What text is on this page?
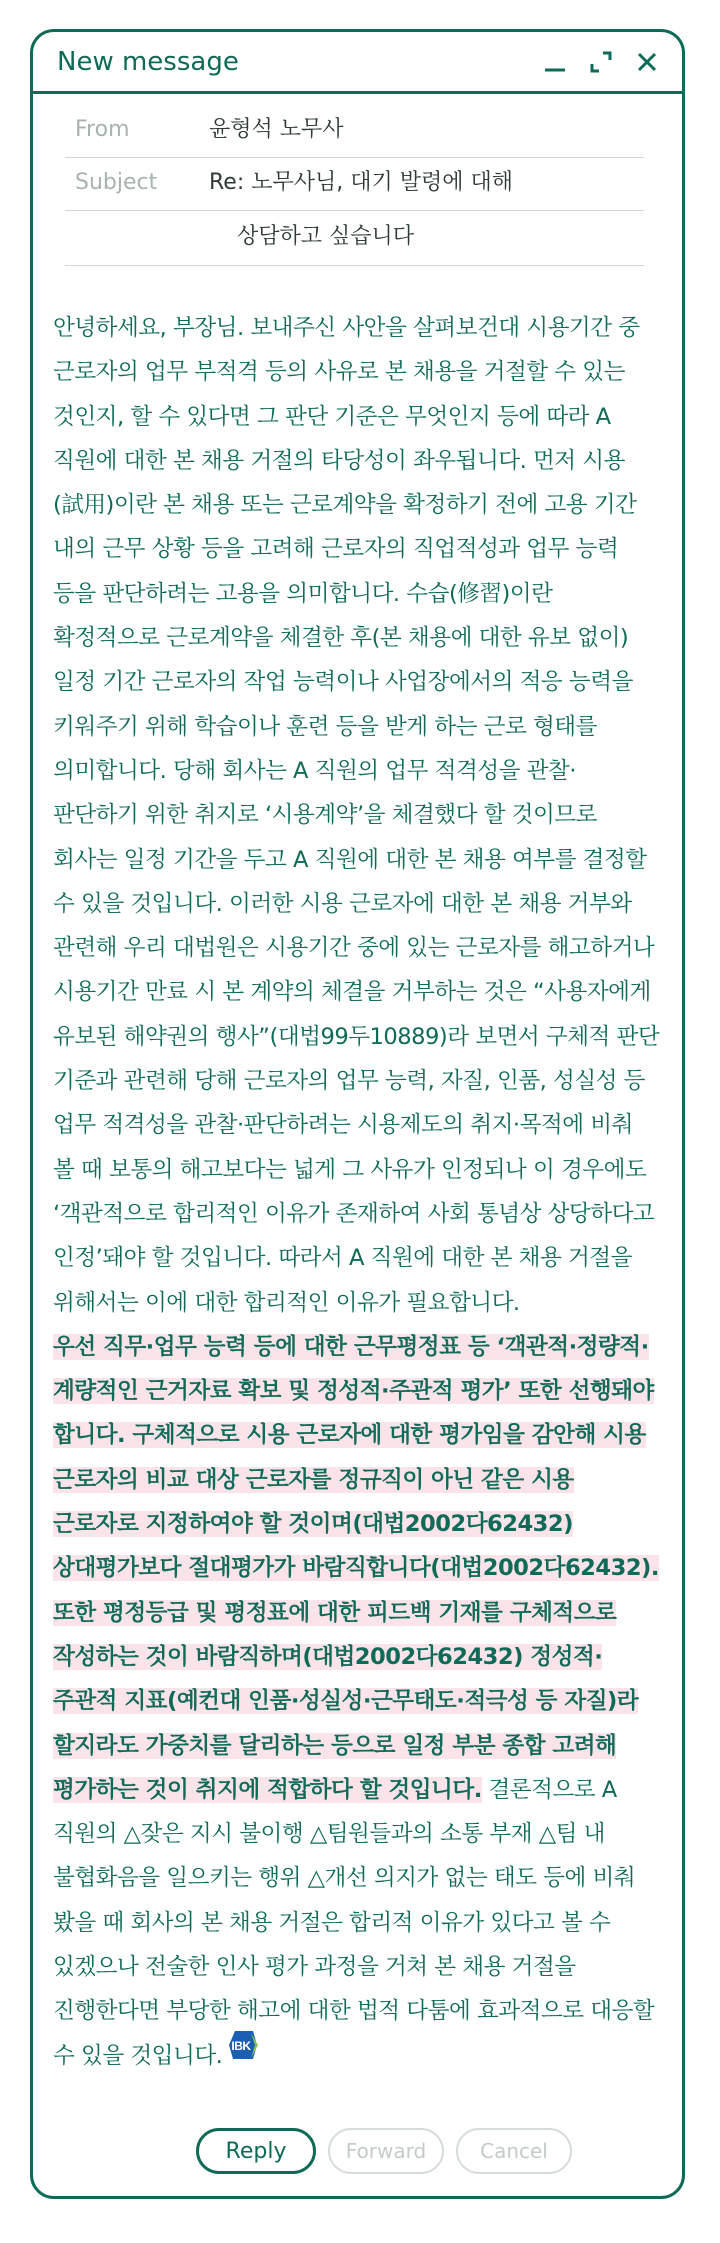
New message
From	윤형석 노무사
Subject	Re: 노무사님, 대기 발령에 대해
상담하고 싶습니다
안녕하세요, 부장님. 보내주신 사안을 살펴보건대 시용기간 중 근로자의 업무 부적격 등의 사유로 본 채용을 거절할 수 있는 것인지, 할 수 있다면 그 판단 기준은 무엇인지 등에 따라 A 직원에 대한 본 채용 거절의 타당성이 좌우됩니다. 먼저 시용(試用)이란 본 채용 또는 근로계약을 확정하기 전에 고용 기간 내의 근무 상황 등을 고려해 근로자의 직업적성과 업무 능력 등을 판단하려는 고용을 의미합니다. 수습(修習)이란 확정적으로 근로계약을 체결한 후(본 채용에 대한 유보 없이) 일정 기간 근로자의 작업 능력이나 사업장에서의 적응 능력을 키워주기 위해 학습이나 훈련 등을 받게 하는 근로 형태를 의미합니다. 당해 회사는 A 직원의 업무 적격성을 관찰·판단하기 위한 취지로 ‘시용계약’을 체결했다 할 것이므로 회사는 일정 기간을 두고 A 직원에 대한 본 채용 여부를 결정할 수 있을 것입니다. 이러한 시용 근로자에 대한 본 채용 거부와 관련해 우리 대법원은 시용기간 중에 있는 근로자를 해고하거나 시용기간 만료 시 본 계약의 체결을 거부하는 것은 “사용자에게 유보된 해약권의 행사”(대법99두10889)라 보면서 구체적 판단 기준과 관련해 당해 근로자의 업무 능력, 자질, 인품, 성실성 등 업무 적격성을 관찰·판단하려는 시용제도의 취지·목적에 비춰 볼 때 보통의 해고보다는 넓게 그 사유가 인정되나 이 경우에도 ‘객관적으로 합리적인 이유가 존재하여 사회 통념상 상당하다고 인정’돼야 할 것입니다. 따라서 A 직원에 대한 본 채용 거절을 위해서는 이에 대한 합리적인 이유가 필요합니다.
우선 직무·업무 능력 등에 대한 근무평정표 등 ‘객관적·정량적·계량적인 근거자료 확보 및 정성적·주관적 평가’ 또한 선행돼야 합니다. 구체적으로 시용 근로자에 대한 평가임을 감안해 시용 근로자의 비교 대상 근로자를 정규직이 아닌 같은 시용 근로자로 지정하여야 할 것이며(대법2002다62432) 상대평가보다 절대평가가 바람직합니다(대법2002다62432). 또한 평정등급 및 평정표에 대한 피드백 기재를 구체적으로 작성하는 것이 바람직하며(대법2002다62432) 정성적·주관적 지표(예컨대 인품·성실성·근무태도·적극성 등 자질)라 할지라도 가중치를 달리하는 등으로 일정 부분 종합 고려해 평가하는 것이 취지에 적합하다 할 것입니다. 결론적으로 A 직원의 △잦은 지시 불이행 △팀원들과의 소통 부재 △팀 내 불협화음을 일으키는 행위 △개선 의지가 없는 태도 등에 비춰 봤을 때 회사의 본 채용 거절은 합리적 이유가 있다고 볼 수 있겠으나 전술한 인사 평가 과정을 거쳐 본 채용 거절을 진행한다면 부당한 해고에 대한 법적 다툼에 효과적으로 대응할 수 있을 것입니다. IBK
Reply	Forward	Cancel
